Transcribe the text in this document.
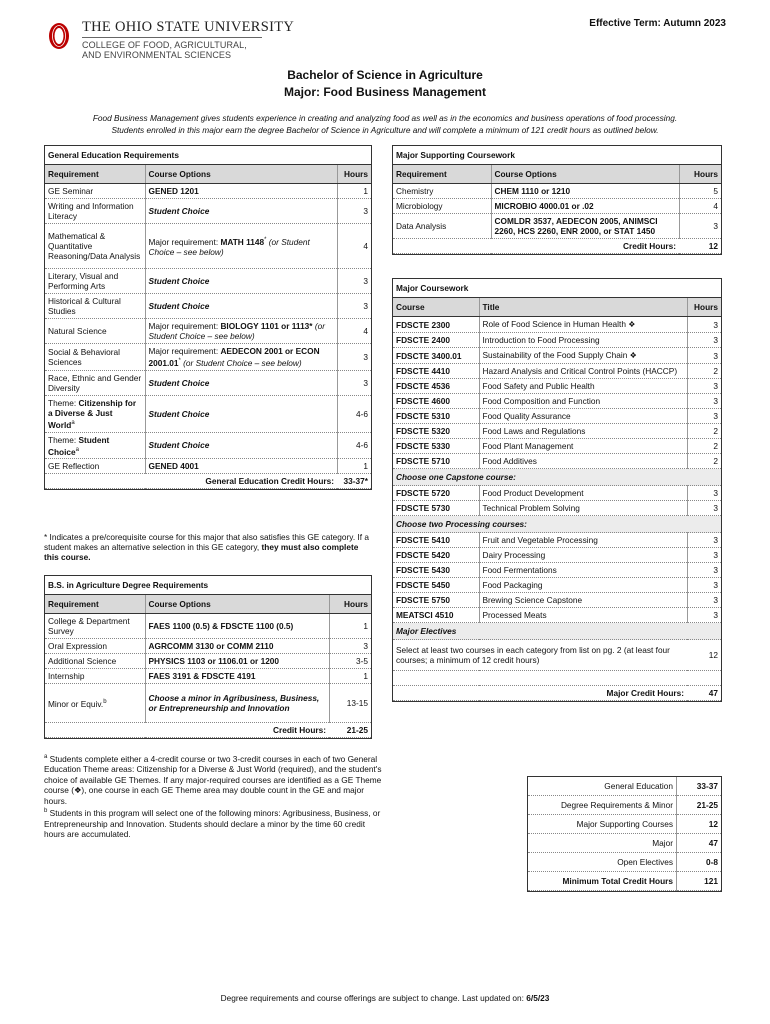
THE OHIO STATE UNIVERSITY
COLLEGE OF FOOD, AGRICULTURAL,
AND ENVIRONMENTAL SCIENCES
Effective Term: Autumn 2023
Bachelor of Science in Agriculture
Major: Food Business Management
Food Business Management gives students experience in creating and analyzing food as well as in the economics and business operations of food processing.
Students enrolled in this major earn the degree Bachelor of Science in Agriculture and will complete a minimum of 121 credit hours as outlined below.
General Education Requirements
Requirement	Course Options	Hours
GE Seminar	GENED 1201	1
Writing and Information Literacy	Student Choice	3
Mathematical & Quantitative Reasoning/Data Analysis	Major requirement: MATH 1148* (or Student Choice – see below)	4
Literary, Visual and Performing Arts	Student Choice	3
Historical & Cultural Studies	Student Choice	3
Natural Science	Major requirement: BIOLOGY 1101 or 1113* (or Student Choice – see below)	4
Social & Behavioral Sciences	Major requirement: AEDECON 2001 or ECON 2001.01* (or Student Choice – see below)	3
Race, Ethnic and Gender Diversity	Student Choice	3
Theme: Citizenship for a Diverse & Just World$^a$	Student Choice	4-6
Theme: Student Choice$^a$	Student Choice	4-6
GE Reflection	GENED 4001	1
	General Education Credit Hours:	33-37*
* Indicates a pre/corequisite course for this major that also satisfies this GE category. If a student makes an alternative selection in this GE category, they must also complete this course.
B.S. in Agriculture Degree Requirements
Requirement	Course Options	Hours
College & Department Survey	FAES 1100 (0.5) & FDSCTE 1100 (0.5)	1
Oral Expression	AGRCOMM 3130 or COMM 2110	3
Additional Science	PHYSICS 1103 or 1106.01 or 1200	3-5
Internship	FAES 3191 & FDSCTE 4191	1
Minor or Equiv.$^b$	Choose a minor in Agribusiness, Business, or Entrepreneurship and Innovation	13-15
	Credit Hours:	21-25

$^a$ Students complete either a 4-credit course or two 3-credit courses in each of two General Education Theme areas: Citizenship for a Diverse & Just World (required), and the student's choice of available GE Themes. If any major-required courses are identified as a GE Theme course (❖), one course in each GE Theme area may double count in the GE and major hours.

$^b$ Students in this program will select one of the following minors: Agribusiness, Business, or Entrepreneurship and Innovation. Students should declare a minor by the time 60 credit hours are accumulated.

Major Supporting Coursework
Requirement	Course Options	Hours
Chemistry	CHEM 1110 or 1210	5
Microbiology	MICROBIO 4000.01 or .02	4
Data Analysis	COMLDR 3537, AEDECON 2005, ANIMSCI 2260, HCS 2260, ENR 2000, or STAT 1450	3
	Credit Hours:	12
Major Coursework
Course	Title	Hours
FDSCTE 2300	Role of Food Science in Human Health ❖	3
FDSCTE 2400	Introduction to Food Processing	3
FDSCTE 3400.01	Sustainability of the Food Supply Chain ❖	3
FDSCTE 4410	Hazard Analysis and Critical Control Points (HACCP)	2
FDSCTE 4536	Food Safety and Public Health	3
FDSCTE 4600	Food Composition and Function	3
FDSCTE 5310	Food Quality Assurance	3
FDSCTE 5320	Food Laws and Regulations	2
FDSCTE 5330	Food Plant Management	2
FDSCTE 5710	Food Additives	2
Choose one Capstone course:		
FDSCTE 5720	Food Product Development	3
FDSCTE 5730	Technical Problem Solving	3
Choose two Processing courses:		
FDSCTE 5410	Fruit and Vegetable Processing	3
FDSCTE 5420	Dairy Processing	3
FDSCTE 5430	Food Fermentations	3
FDSCTE 5450	Food Packaging	3
FDSCTE 5750	Brewing Science Capstone	3
MEATSCI 4510	Processed Meats	3
Major Electives		
Select at least two courses in each category from list on pg. 2 (at least four courses; a minimum of 12 credit hours)		12

Major Credit Hours:		47
General Education	33-37
Degree Requirements & Minor	21-25
Major Supporting Courses	12
Major	47
Open Electives	0-8
Minimum Total Credit Hours	121
Degree requirements and course offerings are subject to change. Last updated on: 6/5/23
